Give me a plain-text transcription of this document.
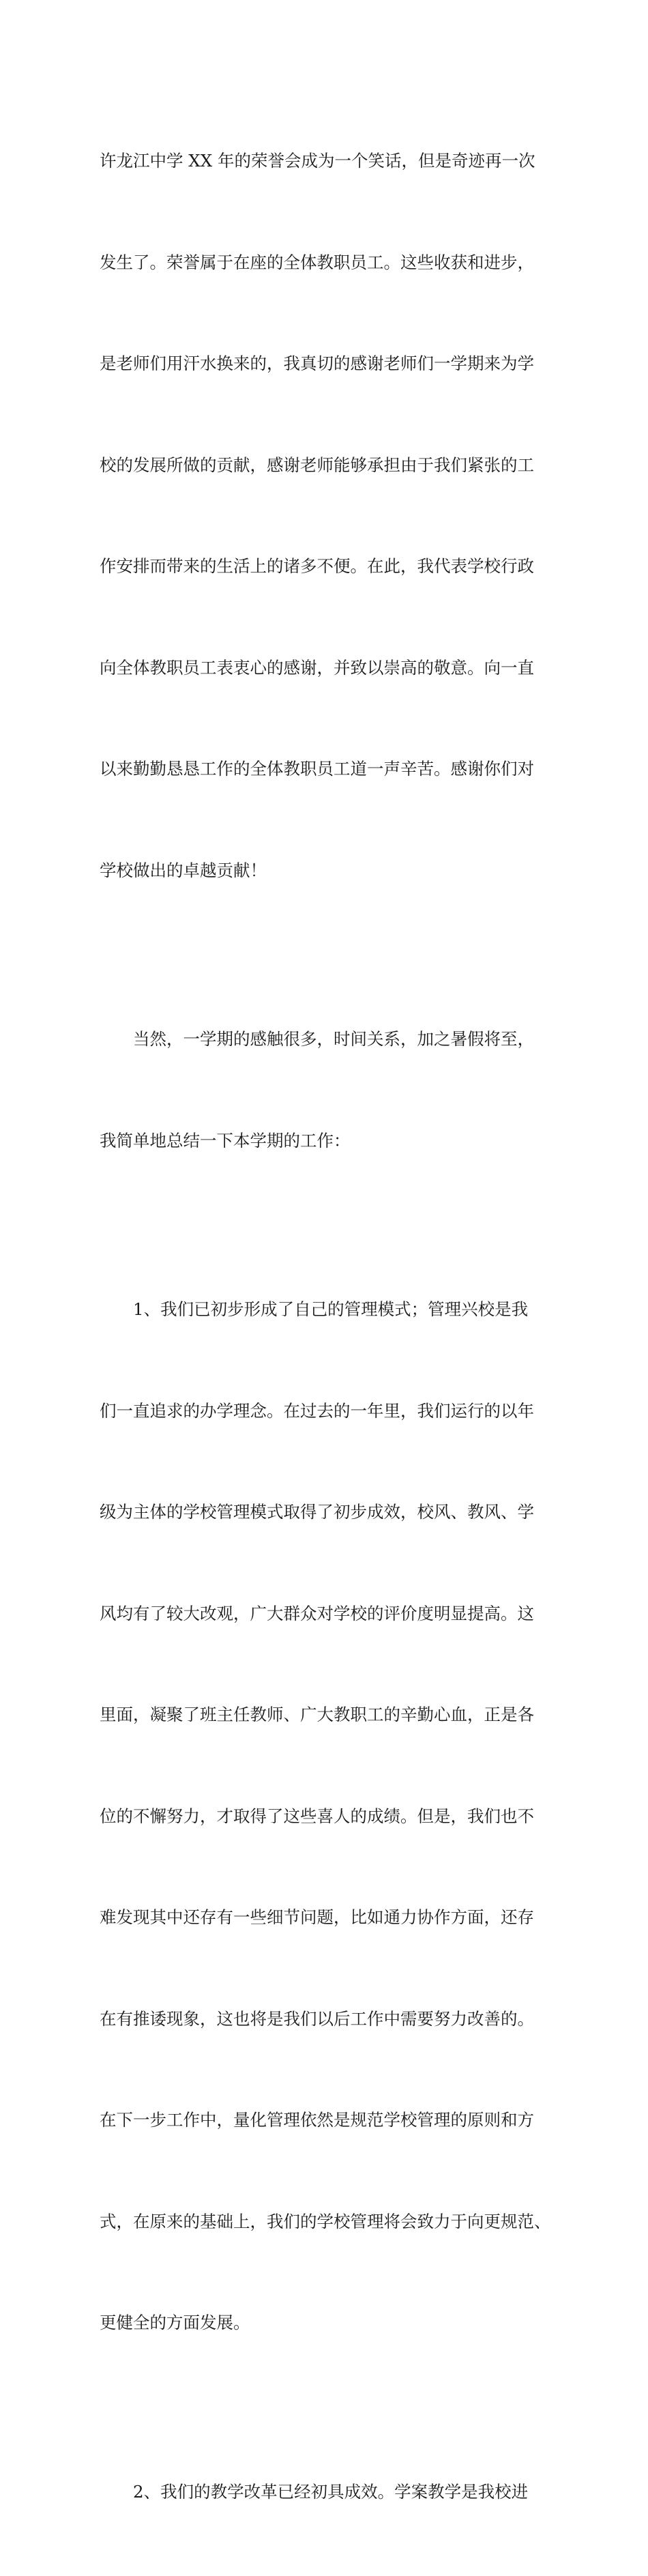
许龙江中学 XX 年的荣誉会成为一个笑话，但是奇迹再一次

发生了。荣誉属于在座的全体教职员工。这些收获和进步，

是老师们用汗水换来的，我真切的感谢老师们一学期来为学

校的发展所做的贡献，感谢老师能够承担由于我们紧张的工

作安排而带来的生活上的诸多不便。在此，我代表学校行政

向全体教职员工表衷心的感谢，并致以崇高的敬意。向一直

以来勤勤恳恳工作的全体教职员工道一声辛苦。感谢你们对

学校做出的卓越贡献！

当然，一学期的感触很多，时间关系，加之暑假将至，

我简单地总结一下本学期的工作：

1、我们已初步形成了自己的管理模式；管理兴校是我

们一直追求的办学理念。在过去的一年里，我们运行的以年

级为主体的学校管理模式取得了初步成效，校风、教风、学

风均有了较大改观，广大群众对学校的评价度明显提高。这

里面，凝聚了班主任教师、广大教职工的辛勤心血，正是各

位的不懈努力，才取得了这些喜人的成绩。但是，我们也不

难发现其中还存有一些细节问题，比如通力协作方面，还存

在有推诿现象，这也将是我们以后工作中需要努力改善的。

在下一步工作中，量化管理依然是规范学校管理的原则和方

式，在原来的基础上，我们的学校管理将会致力于向更规范、

更健全的方面发展。

2、我们的教学改革已经初具成效。学案教学是我校进
